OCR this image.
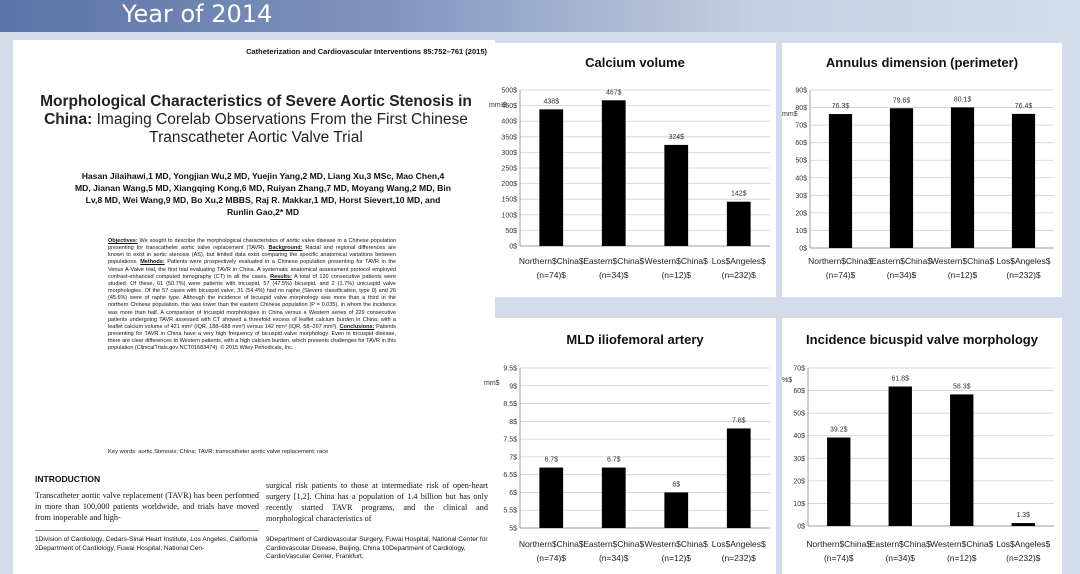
Year of 2014
Catheterization and Cardiovascular Interventions 85:752–761 (2015)
Morphological Characteristics of Severe Aortic Stenosis in China: Imaging Corelab Observations From the First Chinese Transcatheter Aortic Valve Trial
Hasan Jilaihawi,1 MD, Yongjian Wu,2 MD, Yuejin Yang,2 MD, Liang Xu,3 MSc, Mao Chen,4 MD, Jianan Wang,5 MD, Xiangqing Kong,6 MD, Ruiyan Zhang,7 MD, Moyang Wang,2 MD, Bin Lv,8 MD, Wei Wang,9 MD, Bo Xu,2 MBBS, Raj R. Makkar,1 MD, Horst Sievert,10 MD, and Runlin Gao,2* MD
Objectives: We sought to describe the morphological characteristics of aortic valve disease in a Chinese population presenting for transcatheter aortic valve replacement (TAVR). Background: Racial and regional differences are known to exist in aortic stenosis (AS), but limited data exist comparing the specific anatomical variations between populations. Methods: Patients were prospectively evaluated in a Chinese population presenting for TAVR in the Venus A-Valve trial, the first trial evaluating TAVR in China. A systematic anatomical assessment protocol employed contrast-enhanced computed tomography (CT) in all the cases. Results: A total of 120 consecutive patients were studied. Of these, 61 (50.7%) were patients with tricuspid, 57 (47.5%) bicuspid, and 2 (1.7%) unicuspid valve morphologies. Of the 57 cases with bicuspid valve, 31 (54.4%) had no raphe (Sievers classification, type 0) and 26 (45.6%) were of raphe type. Although the incidence of bicuspid valve morphology was more than a third in the northern Chinese population, this was lower than the eastern Chinese population (P = 0.035), in whom the incidence was more than half. A comparison of tricuspid morphologies in China versus a Western series of 229 consecutive patients undergoing TAVR assessed with CT showed a threefold excess of leaflet calcium burden in China, with a leaflet calcium volume of 421 mm³ (IQR, 188–688 mm³) versus 142 mm³ (IQR, 58–267 mm³). Conclusions: Patients presenting for TAVR in China have a very high frequency of bicuspid valve morphology. Even in tricuspid disease, there are clear differences to Western patients, with a high calcium burden, which presents challenges for TAVR in this population (ClinicalTrials.gov NCT01683474). © 2015 Wiley Periodicals, Inc.
Key words: aortic Stenosis; China; TAVR; transcatheter aortic valve replacement; race
INTRODUCTION
Transcatheter aortic valve replacement (TAVR) has been performed in more than 100,000 patients worldwide, and trials have moved from inoperable and high-
surgical risk patients to those at intermediate risk of open-heart surgery [1,2]. China has a population of 1.4 billion but has only recently started TAVR programs, and the clinical and morphological characteristics of
1Division of Cardiology, Cedars-Sinai Heart Institute, Los Angeles, California 2Department of Cardiology, Fuwai Hospital, National Cen-
9Department of Cardiovascular Surgery, Fuwai Hospital, National Center for Cardiovascular Disease, Beijing, China 10Department of Cardiology, CardioVascular Center, Frankfurt,
Calcium volume
0$
50$
100$
150$
200$
250$
300$
350$
400$
450$
500$
mm³$
438$
Northern$China$
(n=74)$
467$
Eastern$China$
(n=34)$
324$
Western$China$
(n=12)$
142$
Los$Angeles$
(n=232)$
Annulus dimension (perimeter)
0$
10$
20$
30$
40$
50$
60$
70$
80$
90$
mm$
76.3$
Northern$China$
(n=74)$
79.6$
Eastern$China$
(n=34)$
80.1$
Western$China$
(n=12)$
76.4$
Los$Angeles$
(n=232)$
MLD iliofemoral artery
5$
5.5$
6$
6.5$
7$
7.5$
8$
8.5$
9$
9.5$
mm$
6.7$
Northern$China$
(n=74)$
6.7$
Eastern$China$
(n=34)$
6$
Western$China$
(n=12)$
7.8$
Los$Angeles$
(n=232)$
Incidence bicuspid valve morphology
0$
10$
20$
30$
40$
50$
60$
70$
%$
39.2$
Northern$China$
(n=74)$
61.8$
Eastern$China$
(n=34)$
58.3$
Western$China$
(n=12)$
1.3$
Los$Angeles$
(n=232)$
